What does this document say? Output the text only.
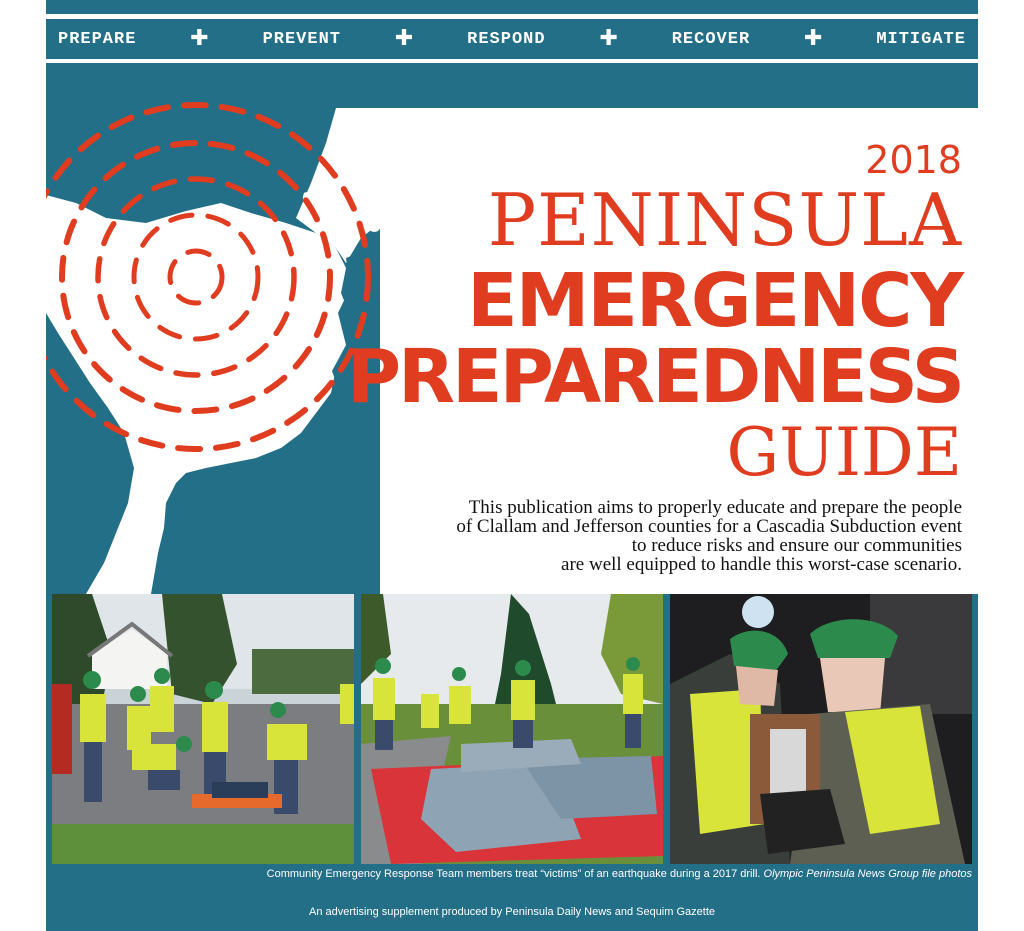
PREPARE ✚	PREVENT ✚	RESPOND ✚	RECOVER ✚	MITIGATE

2018

PENINSULA

EMERGENCY

PREPAREDNESS

GUIDE

This publication aims to properly educate and prepare the people
of Clallam and Jefferson counties for a Cascadia Subduction event
to reduce risks and ensure our communities
are well equipped to handle this worst-case scenario.

Community Emergency Response Team members treat “victims” of an earthquake during a 2017 drill. Olympic Peninsula News Group file photos

An advertising supplement produced by Peninsula Daily News and Sequim Gazette
